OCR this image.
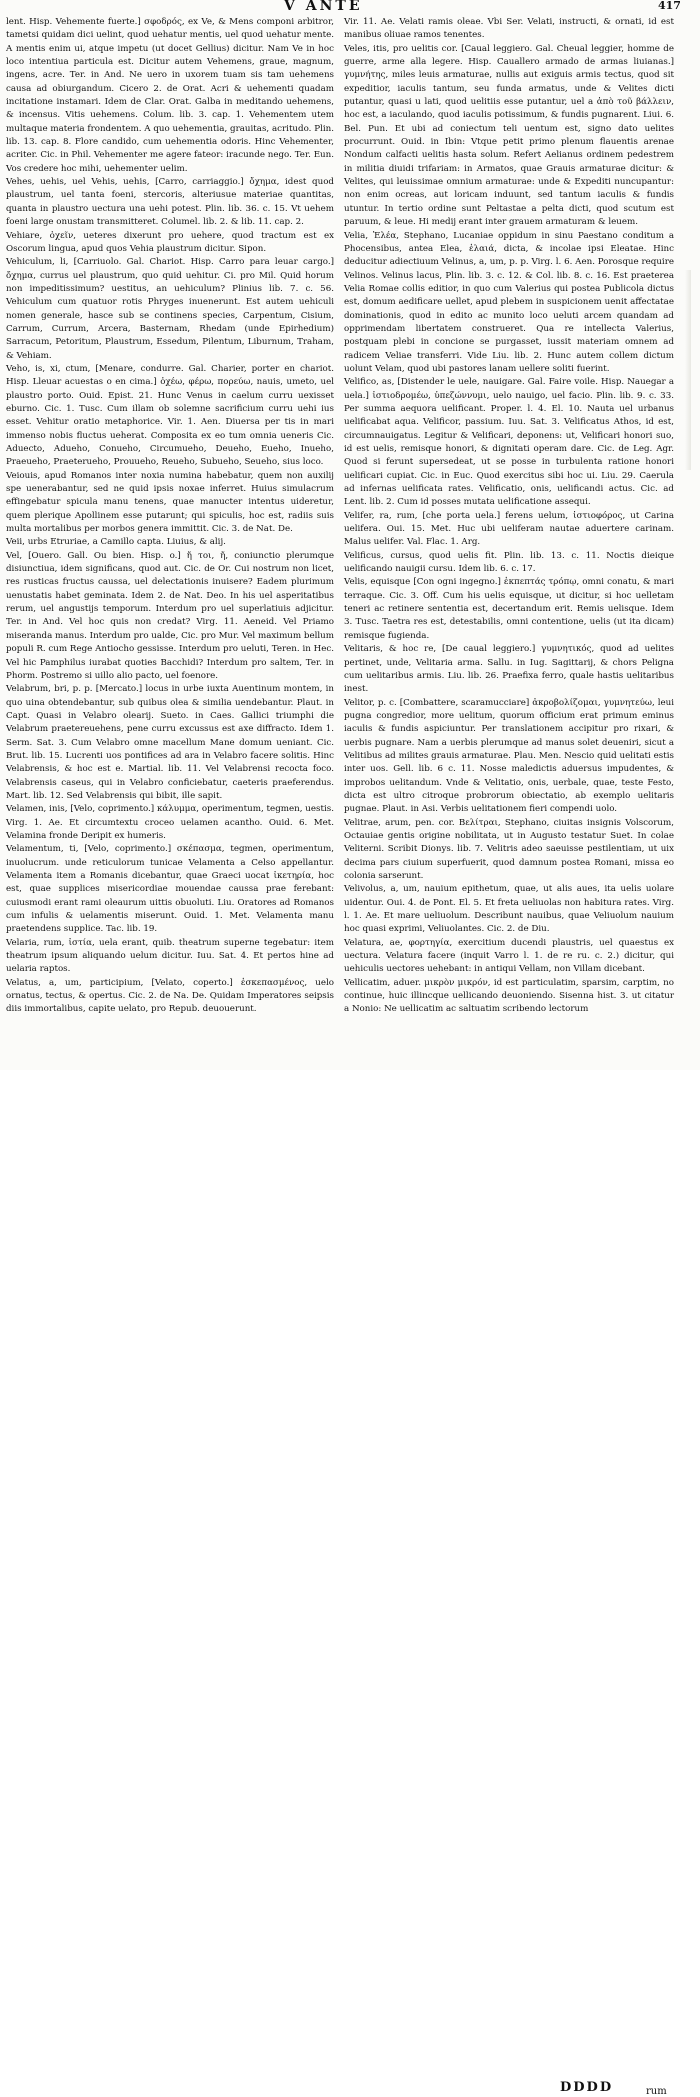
V ANTE	417

lent. Hisp. Vehemente fuerte.] σφοδρός, ex Ve, & Mens componi arbitror, tametsi quidam dici uelint, quod uehatur mentis, uel quod uehatur mente. A mentis enim ui, atque impetu (ut docet Gellius) dicitur. Nam Ve in hoc loco intentiua particula est. Dicitur autem Vehemens, graue, magnum, ingens, acre. Ter. in And. Ne uero in uxorem tuam sis tam uehemens causa ad obiurgandum. Cicero 2. de Orat. Acri & uehementi quadam incitatione instamari. Idem de Clar. Orat. Galba in meditando uehemens, & incensus. Vitis uehemens. Colum. lib. 3. cap. 1. Vehementem utem multaque materia frondentem. A quo uehementia, grauitas, acritudo. Plin. lib. 13. cap. 8. Flore candido, cum uehementia odoris. Hinc Vehementer, acriter. Cic. in Phil. Vehementer me agere fateor: iracunde nego. Ter. Eun. Vos credere hoc mihi, uehementer uelim.

Vehes, uehis, uel Vehis, uehis, [Carro, carriaggio.] ὄχημα, idest quod plaustrum, uel tanta foeni, stercoris, alteriusue materiae quantitas, quanta in plaustro uectura una uehi potest. Plin. lib. 36. c. 15. Vt uehem foeni large onustam transmitteret. Columel. lib. 2. & lib. 11. cap. 2.

Vehiare, ὀχεῖν, ueteres dixerunt pro uehere, quod tractum est ex Oscorum lingua, apud quos Vehia plaustrum dicitur. Sipon.

Vehiculum, li, [Carriuolo. Gal. Chariot. Hisp. Carro para leuar cargo.] ὄχημα, currus uel plaustrum, quo quid uehitur. Ci. pro Mil. Quid horum non impeditissimum? uestitus, an uehiculum? Plinius lib. 7. c. 56. Vehiculum cum quatuor rotis Phryges inuenerunt. Est autem uehiculi nomen generale, hasce sub se continens species, Carpentum, Cisium, Carrum, Currum, Arcera, Basternam, Rhedam (unde Epirhedium) Sarracum, Petoritum, Plaustrum, Essedum, Pilentum, Liburnum, Traham, & Vehiam.

Veho, is, xi, ctum, [Menare, condurre. Gal. Charier, porter en chariot. Hisp. Lleuar acuestas o en cima.] ὀχέω, φέρω, πορεύω, nauis, umeto, uel plaustro porto. Ouid. Epist. 21. Hunc Venus in caelum curru uexisset eburno. Cic. 1. Tusc. Cum illam ob solemne sacrificium curru uehi ius esset. Vehitur oratio metaphorice. Vir. 1. Aen. Diuersa per tis in mari immenso nobis fluctus ueherat. Composita ex eo tum omnia ueneris Cic. Aduecto, Adueho, Conueho, Circumueho, Deueho, Eueho, Inueho, Praeueho, Praeterueho, Prouueho, Reueho, Subueho, Seueho, sius loco.

Veiouis, apud Romanos inter noxia numina habebatur, quem non auxilij spe uenerabantur, sed ne quid ipsis noxae inferret. Huius simulacrum effingebatur spicula manu tenens, quae manucter intentus uideretur, quem plerique Apollinem esse putarunt; qui spiculis, hoc est, radiis suis multa mortalibus per morbos genera immittit. Cic. 3. de Nat. De.

Veii, urbs Etruriae, a Camillo capta. Liuius, & alij.

Vel, [Ouero. Gall. Ou bien. Hisp. o.] ἤ τοι, ἤ, coniunctio plerumque disiunctiua, idem significans, quod aut. Cic. de Or. Cui nostrum non licet, res rusticas fructus caussa, uel delectationis inuisere? Eadem plurimum uenustatis habet geminata. Idem 2. de Nat. Deo. In his uel asperitatibus rerum, uel angustijs temporum. Interdum pro uel superlatiuis adjicitur. Ter. in And. Vel hoc quis non credat? Virg. 11. Aeneid. Vel Priamo miseranda manus. Interdum pro ualde, Cic. pro Mur. Vel maximum bellum populi R. cum Rege Antiocho gessisse. Interdum pro ueluti, Teren. in Hec. Vel hic Pamphilus iurabat quoties Bacchidi? Interdum pro saltem, Ter. in Phorm. Postremo si uillo alio pacto, uel foenore.

Velabrum, bri, p. p. [Mercato.] locus in urbe iuxta Auentinum montem, in quo uina obtendebantur, sub quibus olea & similia uendebantur. Plaut. in Capt. Quasi in Velabro olearij. Sueto. in Caes. Gallici triumphi die Velabrum praetereuehens, pene curru excussus est axe diffracto. Idem 1. Serm. Sat. 3. Cum Velabro omne macellum Mane domum ueniant. Cic. Brut. lib. 15. Lucrenti uos pontifices ad ara in Velabro facere solitis. Hinc Velabrensis, & hoc est e. Martial. lib. 11. Vel Velabrensi recocta foco. Velabrensis caseus, qui in Velabro conficiebatur, caeteris praeferendus. Mart. lib. 12. Sed Velabrensis qui bibit, ille sapit.

Velamen, inis, [Velo, coprimento.] κάλυμμα, operimentum, tegmen, uestis. Virg. 1. Ae. Et circumtextu croceo uelamen acantho. Ouid. 6. Met. Velamina fronde Deripit ex humeris.

Velamentum, ti, [Velo, coprimento.] σκέπασμα, tegmen, operimentum, inuolucrum. unde reticulorum tunicae Velamenta a Celso appellantur. Velamenta item a Romanis dicebantur, quae Graeci uocat ἱκετηρία, hoc est, quae supplices misericordiae mouendae caussa prae ferebant: cuiusmodi erant rami oleaurum uittis obuoluti. Liu. Oratores ad Romanos cum infulis & uelamentis miserunt. Ouid. 1. Met. Velamenta manu praetendens supplice. Tac. lib. 19.

Velaria, rum, ἱστία, uela erant, quib. theatrum superne tegebatur: item theatrum ipsum aliquando uelum dicitur. Iuu. Sat. 4. Et pertos hine ad uelaria raptos.

Velatus, a, um, participium, [Velato, coperto.] ἐσκεπασμένος, uelo ornatus, tectus, & opertus. Cic. 2. de Na. De. Quidam Imperatores seipsis diis immortalibus, capite uelato, pro Repub. deuouerunt.

Vir. 11. Ae. Velati ramis oleae. Vbi Ser. Velati, instructi, & ornati, id est manibus oliuae ramos tenentes.

Veles, itis, pro uelitis cor. [Caual leggiero. Gal. Cheual leggier, homme de guerre, arme alla legere. Hisp. Cauallero armado de armas liuianas.] γυμνήτης, miles leuis armaturae, nullis aut exiguis armis tectus, quod sit expeditior, iaculis tantum, seu funda armatus, unde & Velites dicti putantur, quasi u lati, quod uelitiis esse putantur, uel a ἀπὸ τοῦ βάλλειν, hoc est, a iaculando, quod iaculis potissimum, & fundis pugnarent. Liui. 6. Bel. Pun. Et ubi ad coniectum teli uentum est, signo dato uelites procurrunt. Ouid. in Ibin: Vtque petit primo plenum flauentis arenae Nondum calfacti uelitis hasta solum. Refert Aelianus ordinem pedestrem in militia diuidi trifariam: in Armatos, quae Grauis armaturae dicitur: & Velites, qui leuissimae omnium armaturae: unde & Expediti nuncupantur: non enim ocreas, aut loricam induunt, sed tantum iaculis & fundis utuntur. In tertio ordine sunt Peltastae a pelta dicti, quod scutum est paruum, & leue. Hi medij erant inter grauem armaturam & leuem.

Velia, Ἐλέα, Stephano, Lucaniae oppidum in sinu Paestano conditum a Phocensibus, antea Elea, ἐλαιά, dicta, & incolae ipsi Eleatae. Hinc deducitur adiectiuum Velinus, a, um, p. p. Virg. l. 6. Aen. Porosque require Velinos. Velinus lacus, Plin. lib. 3. c. 12. & Col. lib. 8. c. 16. Est praeterea Velia Romae collis editior, in quo cum Valerius qui postea Publicola dictus est, domum aedificare uellet, apud plebem in suspicionem uenit affectatae dominationis, quod in edito ac munito loco ueluti arcem quandam ad opprimendam libertatem construeret. Qua re intellecta Valerius, postquam plebi in concione se purgasset, iussit materiam omnem ad radicem Veliae transferri. Vide Liu. lib. 2. Hunc autem collem dictum uolunt Velam, quod ubi pastores lanam uellere soliti fuerint.

Velifico, as, [Distender le uele, nauigare. Gal. Faire voile. Hisp. Nauegar a uela.] ἱστιοδρομέω, ὑπεζώννυμι, uelo nauigo, uel facio. Plin. lib. 9. c. 33. Per summa aequora uelificant. Proper. l. 4. El. 10. Nauta uel urbanus uelificabat aqua. Velificor, passium. Iuu. Sat. 3. Velificatus Athos, id est, circumnauigatus. Legitur & Velificari, deponens: ut, Velificari honori suo, id est uelis, remisque honori, & dignitati operam dare. Cic. de Leg. Agr. Quod si ferunt supersedeat, ut se posse in turbulenta ratione honori uelificari cupiat. Cic. in Euc. Quod exercitus sibi hoc ui. Liu. 29. Caerula ad infernas uelificata rates. Velificatio, onis, uelificandi actus. Cic. ad Lent. lib. 2. Cum id posses mutata uelificatione assequi.

Velifer, ra, rum, [che porta uela.] ferens uelum, ἱστιοφόρος, ut Carina uelifera. Oui. 15. Met. Huc ubi ueliferam nautae aduertere carinam. Malus uelifer. Val. Flac. 1. Arg.

Velificus, cursus, quod uelis fit. Plin. lib. 13. c. 11. Noctis dieique uelificando nauigii cursu. Idem lib. 6. c. 17.

Velis, equisque [Con ogni ingegno.] ἐκπεπτάς τρόπῳ, omni conatu, & mari terraque. Cic. 3. Off. Cum his uelis equisque, ut dicitur, si hoc uelletam teneri ac retinere sententia est, decertandum erit. Remis uelisque. Idem 3. Tusc. Taetra res est, detestabilis, omni contentione, uelis (ut ita dicam) remisque fugienda.

Velitaris, & hoc re, [De caual leggiero.] γυμνητικός, quod ad uelites pertinet, unde, Velitaria arma. Sallu. in Iug. Sagittarij, & chors Peligna cum uelitaribus armis. Liu. lib. 26. Praefixa ferro, quale hastis uelitaribus inest.

Velitor, p. c. [Combattere, scaramucciare] ἀκροβολίζομαι, γυμνητεύω, leui pugna congredior, more uelitum, quorum officium erat primum eminus iaculis & fundis aspiciuntur. Per translationem accipitur pro rixari, & uerbis pugnare. Nam a uerbis plerumque ad manus solet deueniri, sicut a Velitibus ad milites grauis armaturae. Plau. Men. Nescio quid uelitati estis inter uos. Gell. lib. 6 c. 11. Nosse maledictis aduersus impudentes, & improbos uelitandum. Vnde & Velitatio, onis, uerbale, quae, teste Festo, dicta est ultro citroque probrorum obiectatio, ab exemplo uelitaris pugnae. Plaut. in Asi. Verbis uelitationem fieri compendi uolo.

Velitrae, arum, pen. cor. Βελίτραι, Stephano, ciuitas insignis Volscorum, Octauiae gentis origine nobilitata, ut in Augusto testatur Suet. In colae Veliterni. Scribit Dionys. lib. 7. Velitris adeo saeuisse pestilentiam, ut uix decima pars ciuium superfuerit, quod damnum postea Romani, missa eo colonia sarserunt.

Velivolus, a, um, nauium epithetum, quae, ut alis aues, ita uelis uolare uidentur. Oui. 4. de Pont. El. 5. Et freta ueliuolas non habitura rates. Virg. l. 1. Ae. Et mare ueliuolum. Describunt nauibus, quae Veliuolum nauium hoc quasi exprimi, Veliuolantes. Cic. 2. de Diu.

Velatura, ae, φορτηγία, exercitium ducendi plaustris, uel quaestus ex uectura. Velatura facere (inquit Varro l. 1. de re ru. c. 2.) dicitur, qui uehiculis uectores uehebant: in antiqui Vellam, non Villam dicebant.

Vellicatim, aduer. μικρὸν μικρόν, id est particulatim, sparsim, carptim, no continue, huic illincque uellicando deuoniendo. Sisenna hist. 3. ut citatur a Nonio: Ne uellicatim ac saltuatim scribendo lectorum

DDDD	rum
